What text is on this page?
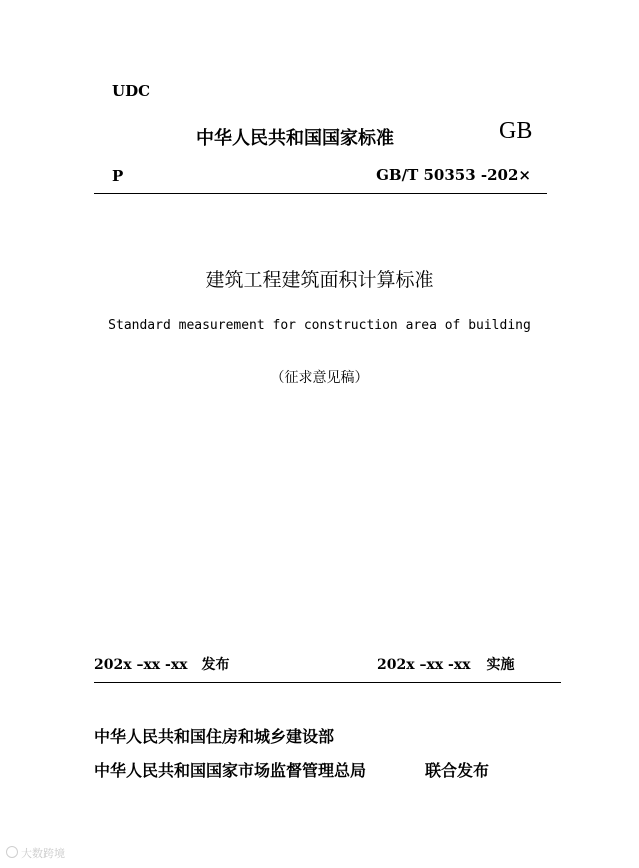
UDC
中华人民共和国国家标准	GB
P	GB/T 50353 -202×
建筑工程建筑面积计算标准
Standard measurement for construction area of building
（征求意见稿）
202x –xx -xx 发布	202x –xx -xx 实施
中华人民共和国住房和城乡建设部
中华人民共和国国家市场监督管理总局	联合发布
大数跨境
